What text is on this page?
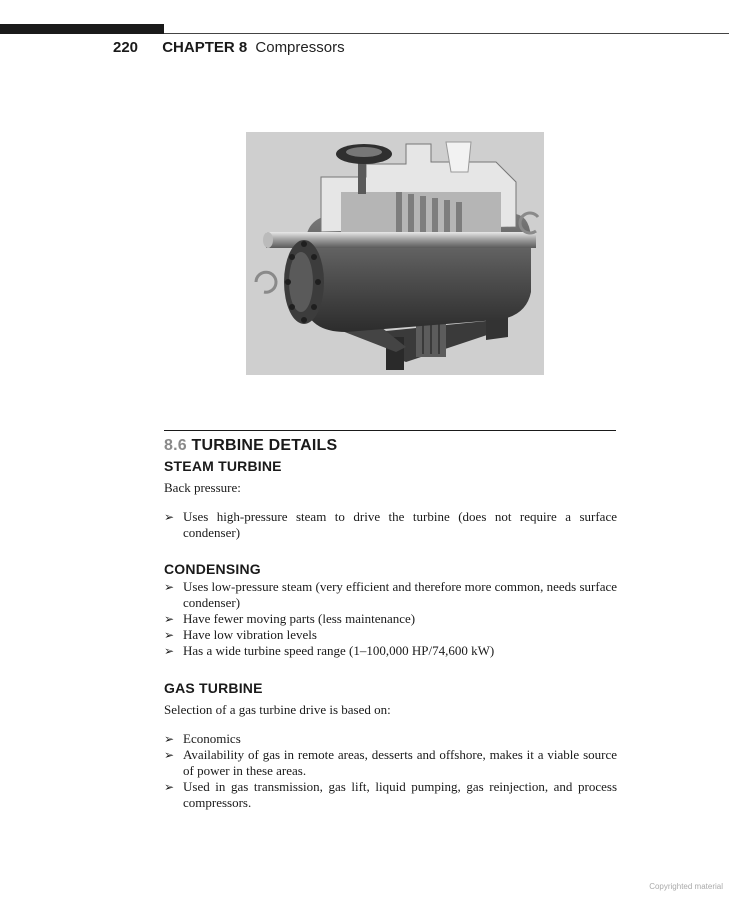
220 CHAPTER 8 Compressors
8.6 TURBINE DETAILS
STEAM TURBINE

Back pressure:

➢ Uses high-pressure steam to drive the turbine (does not require a surface condenser)
CONDENSING
➢ Uses low-pressure steam (very efficient and therefore more common, needs surface condenser)
➢ Have fewer moving parts (less maintenance)
➢ Have low vibration levels
➢ Has a wide turbine speed range (1–100,000 HP/74,600 kW)
GAS TURBINE

Selection of a gas turbine drive is based on:

➢ Economics
➢ Availability of gas in remote areas, desserts and offshore, makes it a viable source of power in these areas.
➢ Used in gas transmission, gas lift, liquid pumping, gas reinjection, and process compressors.
Copyrighted material
